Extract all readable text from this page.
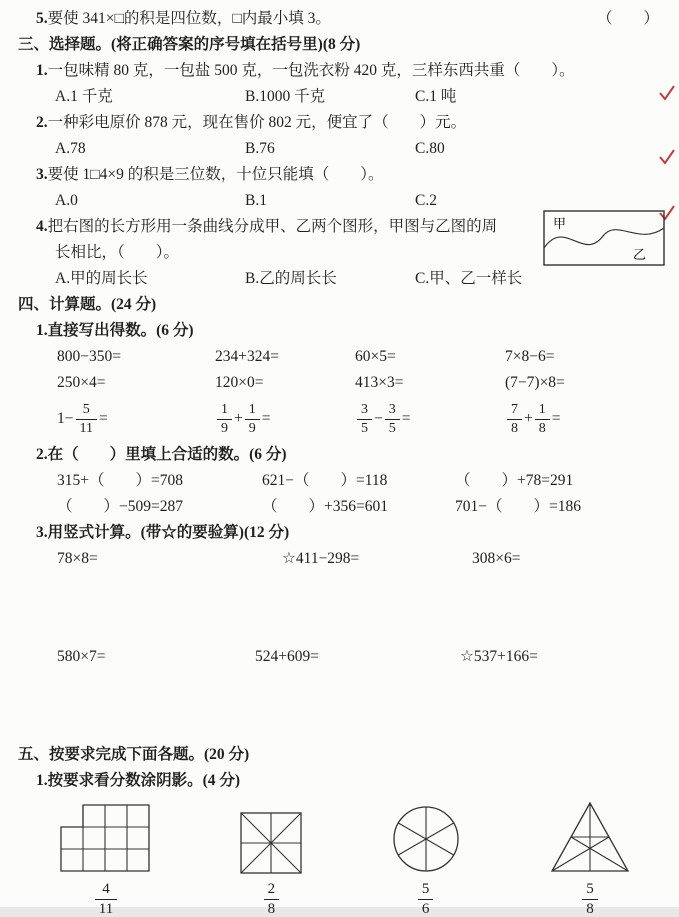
5.要使 341×□的积是四位数，□内最小填 3。	（　　）
三、选择题。(将正确答案的序号填在括号里)(8 分)
1.一包味精 80 克，一包盐 500 克，一包洗衣粉 420 克，三样东西共重（　　）。
A.1 千克	B.1000 千克	C.1 吨
2.一种彩电原价 878 元，现在售价 802 元，便宜了（　　）元。
A.78	B.76	C.80
3.要使 1□4×9 的积是三位数，十位只能填（　　）。
A.0	B.1	C.2
4.把右图的长方形用一条曲线分成甲、乙两个图形，甲图与乙图的周
长相比，（　　）。
A.甲的周长长	B.乙的周长长	C.甲、乙一样长
甲
乙
四、计算题。(24 分)
1.直接写出得数。(6 分)
800−350=	234+324=	60×5=	7×8−6=
250×4=	120×0=	413×3=	(7−7)×8=
$1- \frac{5}{11}$ =	$\frac{1}{9} + \frac{1}{9}$ =	$\frac{3}{5} - \frac{3}{5}$ =	$\frac{7}{8} + \frac{1}{8}$ =
2.在（　　）里填上合适的数。(6 分)
315+（　　）=708	621−（　　）=118	（　　）+78=291
（　　）−509=287	（　　）+356=601	701−（　　）=186
3.用竖式计算。(带☆的要验算)(12 分)
78×8=	☆411−298=	308×6=
580×7=	524+609=	☆537+166=
五、按要求完成下面各题。(20 分)
1.按要求看分数涂阴影。(4 分)
$\frac{4}{11}$	$\frac{2}{8}$	$\frac{5}{6}$	$\frac{5}{8}$
